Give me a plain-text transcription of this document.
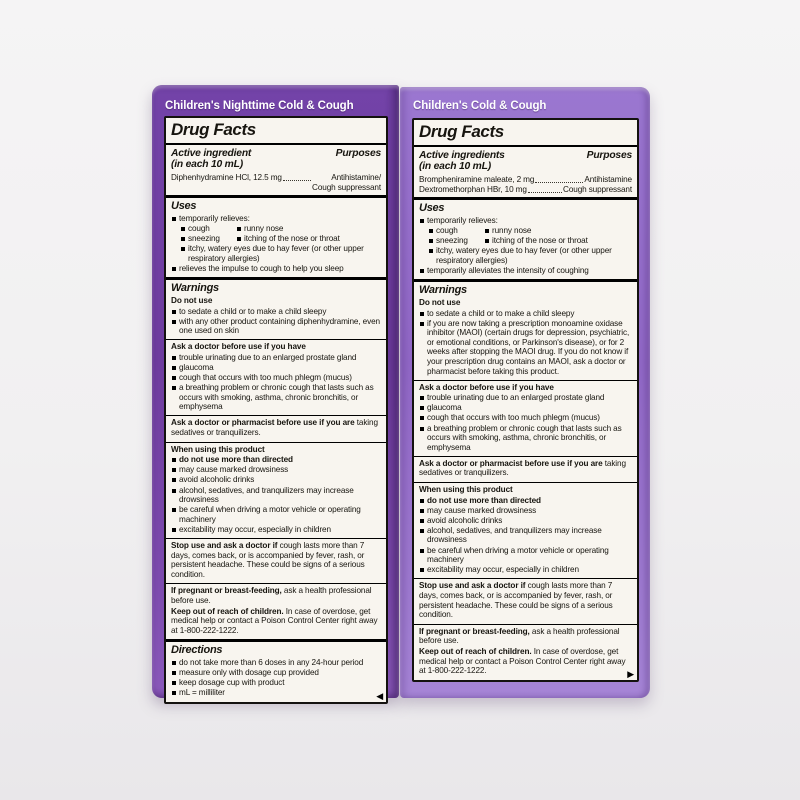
Children's Nighttime Cold & Cough
Drug Facts
Active ingredient
(in each 10 mL)
Purposes
Diphenhydramine HCl, 12.5 mg	Antihistamine/
Cough suppressant
Uses
temporarily relieves:
cough	runny nose
sneezing	itching of the nose or throat
itchy, watery eyes due to hay fever (or other upper respiratory allergies)
relieves the impulse to cough to help you sleep
Warnings

Do not use

to sedate a child or to make a child sleepy
with any other product containing diphenhydramine, even one used on skin

Ask a doctor before use if you have

trouble urinating due to an enlarged prostate gland
glaucoma
cough that occurs with too much phlegm (mucus)
a breathing problem or chronic cough that lasts such as occurs with smoking, asthma, chronic bronchitis, or emphysema

Ask a doctor or pharmacist before use if you are taking sedatives or tranquilizers.

When using this product

do not use more than directed
may cause marked drowsiness
avoid alcoholic drinks
alcohol, sedatives, and tranquilizers may increase drowsiness
be careful when driving a motor vehicle or operating machinery
excitability may occur, especially in children

Stop use and ask a doctor if cough lasts more than 7 days, comes back, or is accompanied by fever, rash, or persistent headache. These could be signs of a serious condition.

If pregnant or breast-feeding, ask a health professional before use.

Keep out of reach of children. In case of overdose, get medical help or contact a Poison Control Center right away at 1-800-222-1222.

Directions
do not take more than 6 doses in any 24-hour period
measure only with dosage cup provided
keep dosage cup with product
mL = milliliter	◀
Children's Cold & Cough
Drug Facts
Active ingredients
(in each 10 mL)
Purposes
Brompheniramine maleate, 2 mg	Antihistamine
Dextromethorphan HBr, 10 mg	Cough suppressant
Uses
temporarily relieves:
cough	runny nose
sneezing	itching of the nose or throat
itchy, watery eyes due to hay fever (or other upper respiratory allergies)
temporarily alleviates the intensity of coughing
Warnings

Do not use

to sedate a child or to make a child sleepy
if you are now taking a prescription monoamine oxidase inhibitor (MAOI) (certain drugs for depression, psychiatric, or emotional conditions, or Parkinson's disease), or for 2 weeks after stopping the MAOI drug. If you do not know if your prescription drug contains an MAOI, ask a doctor or pharmacist before taking this product.

Ask a doctor before use if you have

trouble urinating due to an enlarged prostate gland
glaucoma
cough that occurs with too much phlegm (mucus)
a breathing problem or chronic cough that lasts such as occurs with smoking, asthma, chronic bronchitis, or emphysema

Ask a doctor or pharmacist before use if you are taking sedatives or tranquilizers.

When using this product

do not use more than directed
may cause marked drowsiness
avoid alcoholic drinks
alcohol, sedatives, and tranquilizers may increase drowsiness
be careful when driving a motor vehicle or operating machinery
excitability may occur, especially in children

Stop use and ask a doctor if cough lasts more than 7 days, comes back, or is accompanied by fever, rash, or persistent headache. These could be signs of a serious condition.

If pregnant or breast-feeding, ask a health professional before use.

Keep out of reach of children. In case of overdose, get medical help or contact a Poison Control Center right away at 1-800-222-1222.	▶
